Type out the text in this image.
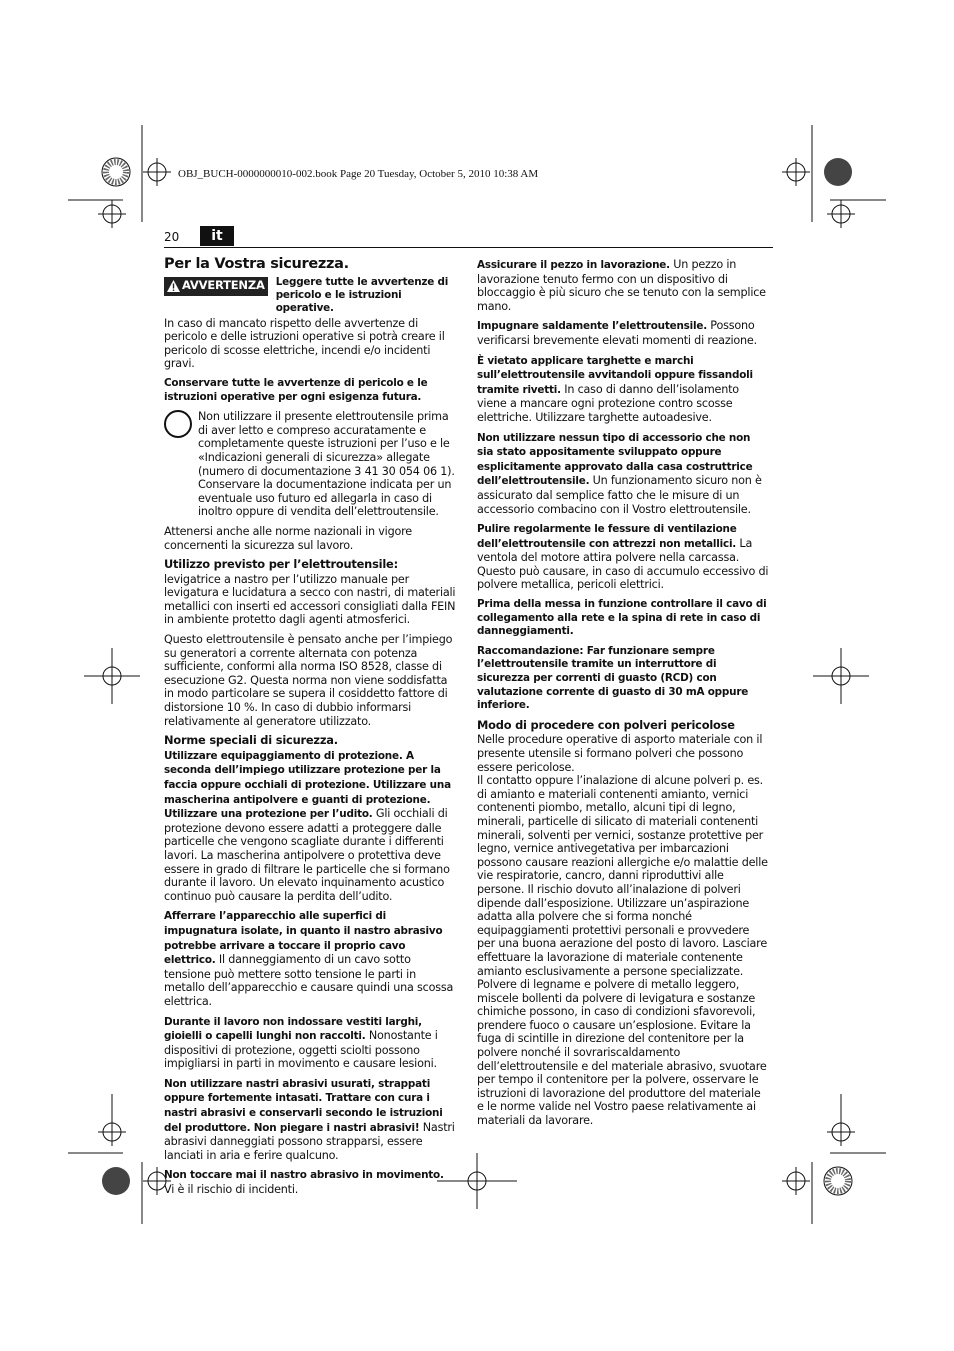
OBJ_BUCH-0000000010-002.book Page 20 Tuesday, October 5, 2010 10:38 AM
20	it
Per la Vostra sicurezza.
AVVERTENZA Leggere tutte le avvertenze di pericolo e le istruzioni operative.

In caso di mancato rispetto delle avvertenze di pericolo e delle istruzioni operative si potrà creare il pericolo di scosse elettriche, incendi e/o incidenti gravi.

Conservare tutte le avvertenze di pericolo e le istruzioni operative per ogni esigenza futura.

Non utilizzare il presente elettroutensile prima di aver letto e compreso accuratamente e completamente queste istruzioni per l’uso e le «Indicazioni generali di sicurezza» allegate (numero di documentazione 3 41 30 054 06 1). Conservare la documentazione indicata per un eventuale uso futuro ed allegarla in caso di inoltro oppure di vendita dell’elettroutensile.

Attenersi anche alle norme nazionali in vigore concernenti la sicurezza sul lavoro.

Utilizzo previsto per l’elettroutensile:

levigatrice a nastro per l’utilizzo manuale per levigatura e lucidatura a secco con nastri, di materiali metallici con inserti ed accessori consigliati dalla FEIN in ambiente protetto dagli agenti atmosferici.

Questo elettroutensile è pensato anche per l’impiego su generatori a corrente alternata con potenza sufficiente, conformi alla norma ISO 8528, classe di esecuzione G2. Questa norma non viene soddisfatta in modo particolare se supera il cosiddetto fattore di distorsione 10 %. In caso di dubbio informarsi relativamente al generatore utilizzato.

Norme speciali di sicurezza.

Utilizzare equipaggiamento di protezione. A seconda dell’impiego utilizzare protezione per la faccia oppure occhiali di protezione. Utilizzare una mascherina antipolvere e guanti di protezione. Utilizzare una protezione per l’udito. Gli occhiali di protezione devono essere adatti a proteggere dalle particelle che vengono scagliate durante i differenti lavori. La mascherina antipolvere o protettiva deve essere in grado di filtrare le particelle che si formano durante il lavoro. Un elevato inquinamento acustico continuo può causare la perdita dell’udito.

Afferrare l’apparecchio alle superfici di impugnatura isolate, in quanto il nastro abrasivo potrebbe arrivare a toccare il proprio cavo elettrico. Il danneggiamento di un cavo sotto tensione può mettere sotto tensione le parti in metallo dell’apparecchio e causare quindi una scossa elettrica.

Durante il lavoro non indossare vestiti larghi, gioielli o capelli lunghi non raccolti. Nonostante i dispositivi di protezione, oggetti sciolti possono impigliarsi in parti in movimento e causare lesioni.

Non utilizzare nastri abrasivi usurati, strappati oppure fortemente intasati. Trattare con cura i nastri abrasivi e conservarli secondo le istruzioni del produttore. Non piegare i nastri abrasivi! Nastri abrasivi danneggiati possono strapparsi, essere lanciati in aria e ferire qualcuno.

Non toccare mai il nastro abrasivo in movimento. Vi è il rischio di incidenti.

Assicurare il pezzo in lavorazione. Un pezzo in lavorazione tenuto fermo con un dispositivo di bloccaggio è più sicuro che se tenuto con la semplice mano.

Impugnare saldamente l’elettroutensile. Possono verificarsi brevemente elevati momenti di reazione.

È vietato applicare targhette e marchi sull’elettroutensile avvitandoli oppure fissandoli tramite rivetti. In caso di danno dell’isolamento viene a mancare ogni protezione contro scosse elettriche. Utilizzare targhette autoadesive.

Non utilizzare nessun tipo di accessorio che non sia stato appositamente sviluppato oppure esplicitamente approvato dalla casa costruttrice dell’elettroutensile. Un funzionamento sicuro non è assicurato dal semplice fatto che le misure di un accessorio combacino con il Vostro elettroutensile.

Pulire regolarmente le fessure di ventilazione dell’elettroutensile con attrezzi non metallici. La ventola del motore attira polvere nella carcassa. Questo può causare, in caso di accumulo eccessivo di polvere metallica, pericoli elettrici.

Prima della messa in funzione controllare il cavo di collegamento alla rete e la spina di rete in caso di danneggiamenti.

Raccomandazione: Far funzionare sempre l’elettroutensile tramite un interruttore di sicurezza per correnti di guasto (RCD) con valutazione corrente di guasto di 30 mA oppure inferiore.

Modo di procedere con polveri pericolose

Nelle procedure operative di asporto materiale con il presente utensile si formano polveri che possono essere pericolose.

Il contatto oppure l’inalazione di alcune polveri p. es. di amianto e materiali contenenti amianto, vernici contenenti piombo, metallo, alcuni tipi di legno, minerali, particelle di silicato di materiali contenenti minerali, solventi per vernici, sostanze protettive per legno, vernice antivegetativa per imbarcazioni possono causare reazioni allergiche e/o malattie delle vie respiratorie, cancro, danni riproduttivi alle persone. Il rischio dovuto all’inalazione di polveri dipende dall’esposizione. Utilizzare un’aspirazione adatta alla polvere che si forma nonché equipaggiamenti protettivi personali e provvedere per una buona aerazione del posto di lavoro. Lasciare effettuare la lavorazione di materiale contenente amianto esclusivamente a persone specializzate.

Polvere di legname e polvere di metallo leggero, miscele bollenti da polvere di levigatura e sostanze chimiche possono, in caso di condizioni sfavorevoli, prendere fuoco o causare un’esplosione. Evitare la fuga di scintille in direzione del contenitore per la polvere nonché il sovrariscaldamento dell’elettroutensile e del materiale abrasivo, svuotare per tempo il contenitore per la polvere, osservare le istruzioni di lavorazione del produttore del materiale e le norme valide nel Vostro paese relativamente ai materiali da lavorare.
